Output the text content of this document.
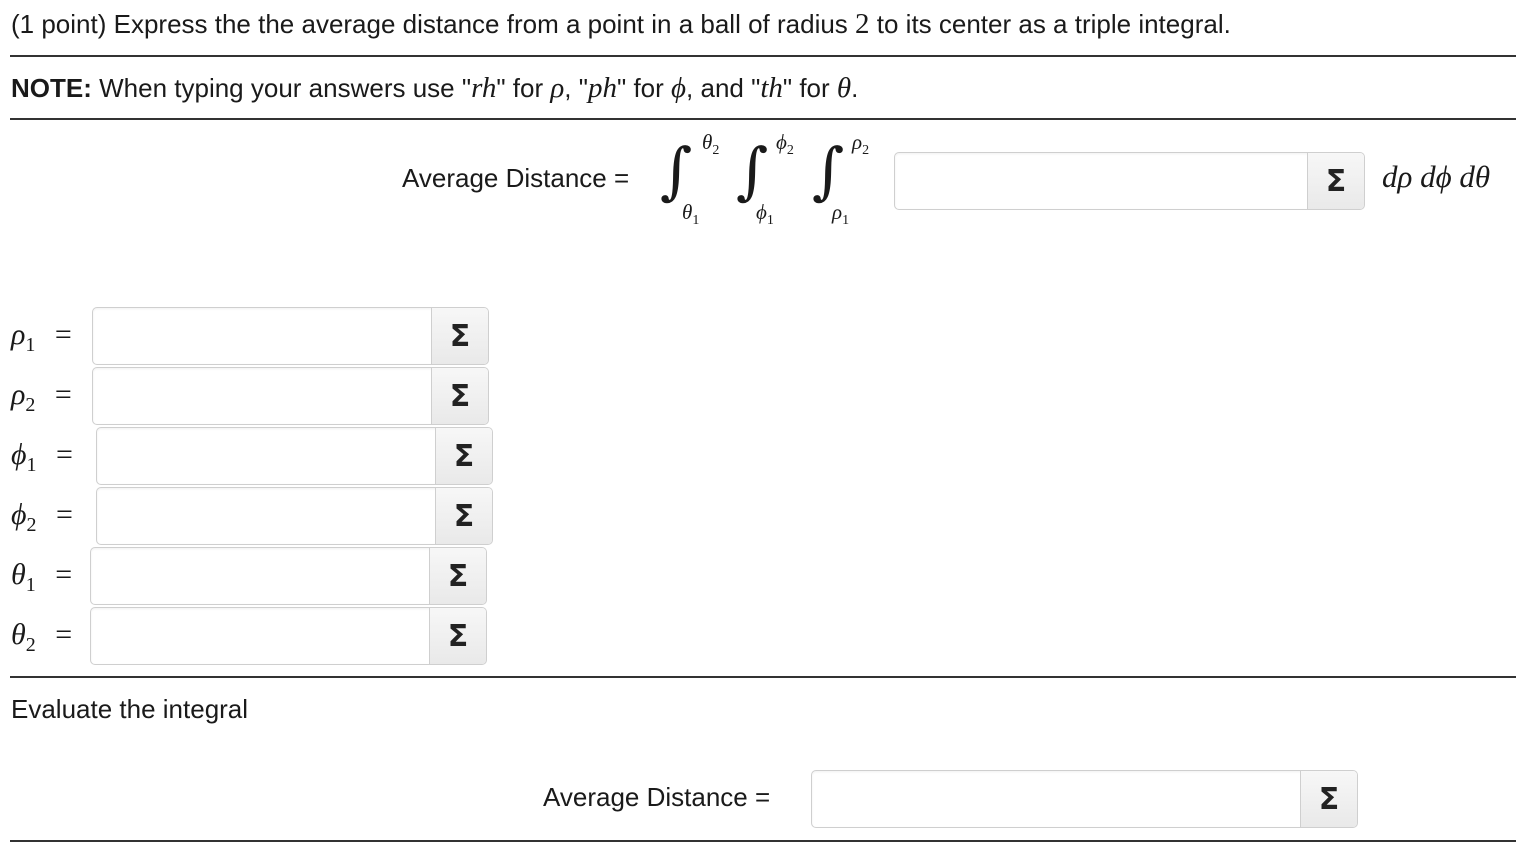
(1 point) Express the the average distance from a point in a ball of radius 2 to its center as a triple integral.
NOTE: When typing your answers use "rh" for ρ, "ph" for ϕ, and "th" for θ.
Average Distance = ∫ $\theta_2$
$\theta_1$
∫ $\phi_2$
$\phi_1$
∫ $\rho_2$
$\rho_1$
Σ	dρ dϕ dθ
$\rho_1$ =	Σ
$\rho_2$ =	Σ
$\phi_1$ =	Σ
$\phi_2$ =	Σ
$\theta_1$ =	Σ
$\theta_2$ =	Σ
Evaluate the integral
Average Distance =	Σ
